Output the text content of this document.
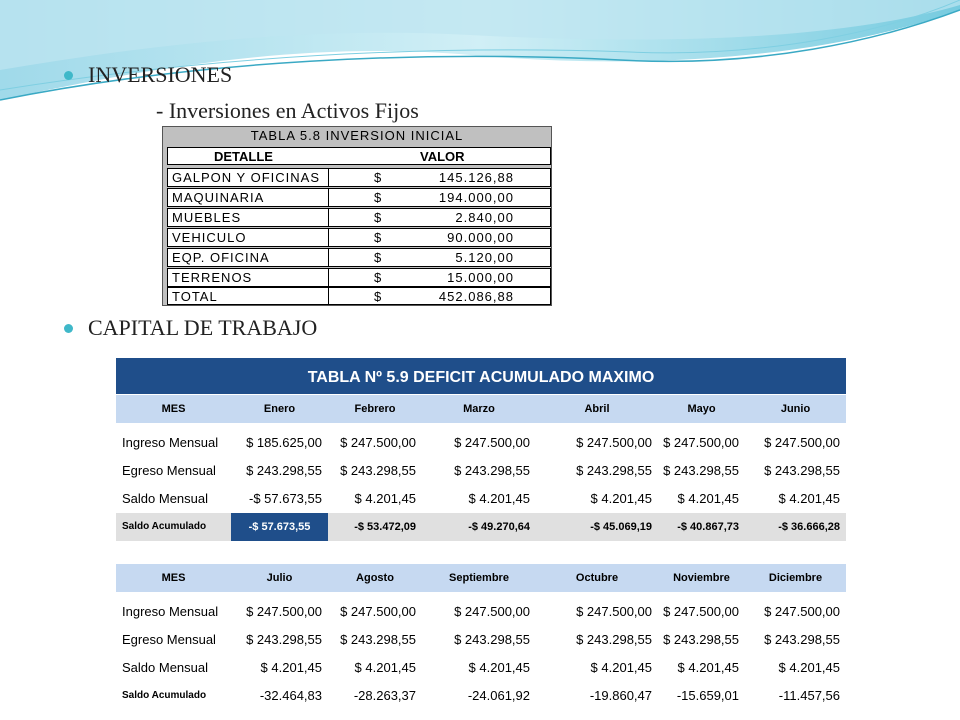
INVERSIONES
- Inversiones en Activos Fijos
TABLA 5.8 INVERSION INICIAL
DETALLE	VALOR
GALPON Y OFICINAS	$	145.126,88
MAQUINARIA	$	194.000,00
MUEBLES	$	2.840,00
VEHICULO	$	90.000,00
EQP. OFICINA	$	5.120,00
TERRENOS	$	15.000,00
TOTAL	$	452.086,88
CAPITAL DE TRABAJO
TABLA Nº 5.9 DEFICIT ACUMULADO MAXIMO
MES	Enero	Febrero	Marzo	Abril	Mayo	Junio
Ingreso Mensual	$ 185.625,00	$ 247.500,00	$ 247.500,00	$ 247.500,00 $ 247.500,00	$ 247.500,00
Egreso Mensual	$ 243.298,55	$ 243.298,55	$ 243.298,55	$ 243.298,55 $ 243.298,55	$ 243.298,55
Saldo Mensual	-$ 57.673,55	$ 4.201,45	$ 4.201,45	$ 4.201,45	$ 4.201,45	$ 4.201,45
Saldo Acumulado	-$ 57.673,55	-$ 53.472,09	-$ 49.270,64	-$ 45.069,19	-$ 40.867,73	-$ 36.666,28
MES	Julio	Agosto	Septiembre	Octubre	Noviembre	Diciembre
Ingreso Mensual	$ 247.500,00	$ 247.500,00	$ 247.500,00	$ 247.500,00 $ 247.500,00	$ 247.500,00
Egreso Mensual	$ 243.298,55	$ 243.298,55	$ 243.298,55	$ 243.298,55 $ 243.298,55	$ 243.298,55
Saldo Mensual	$ 4.201,45	$ 4.201,45	$ 4.201,45	$ 4.201,45	$ 4.201,45	$ 4.201,45
Saldo Acumulado	-32.464,83	-28.263,37	-24.061,92	-19.860,47	-15.659,01	-11.457,56
